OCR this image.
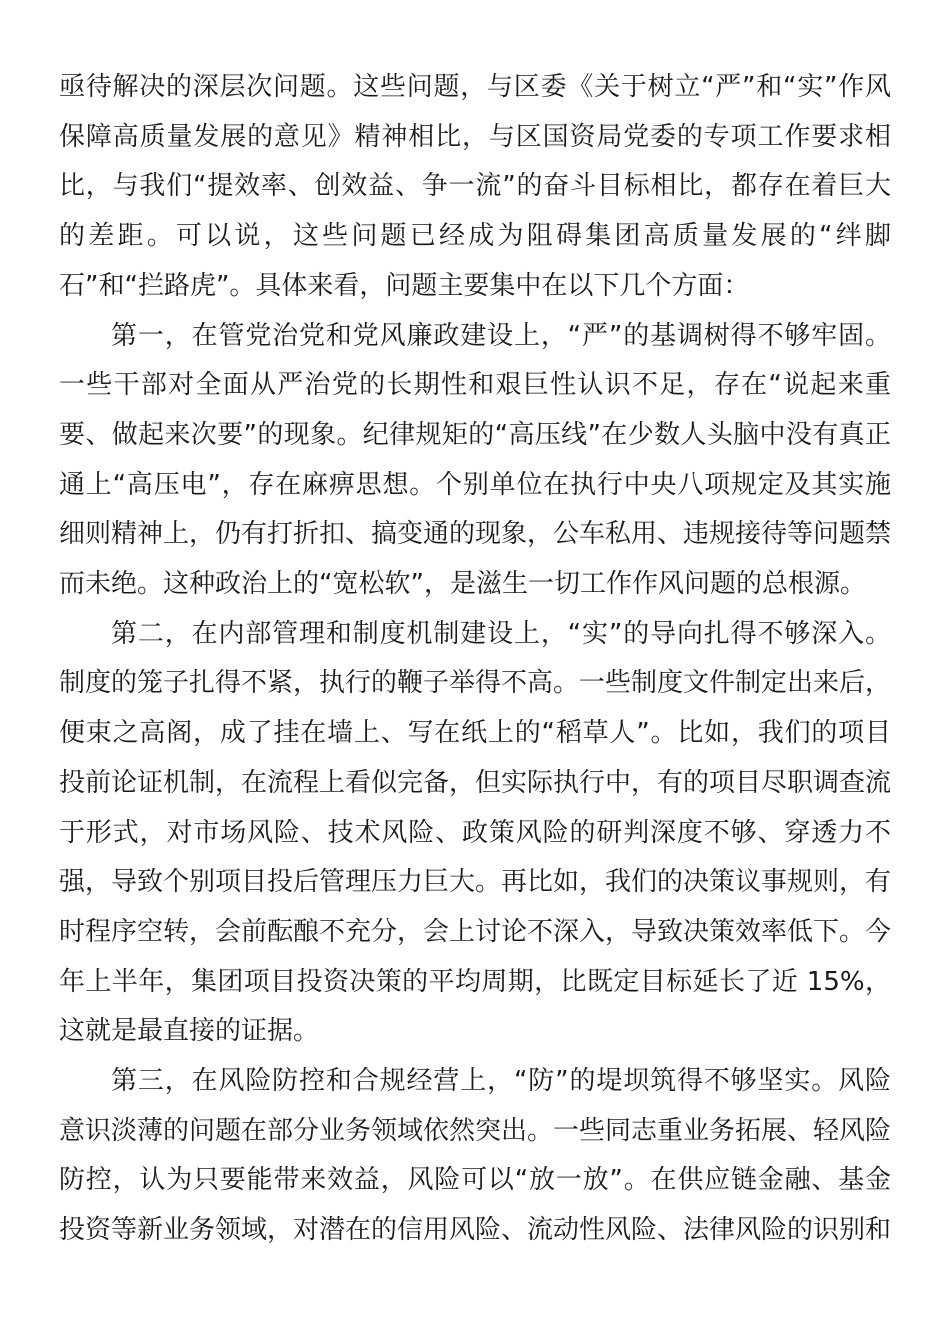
亟待解决的深层次问题。这些问题，与区委《关于树立“严”和“实”作风保障高质量发展的意见》精神相比，与区国资局党委的专项工作要求相比，与我们“提效率、创效益、争一流”的奋斗目标相比，都存在着巨大的差距。可以说，这些问题已经成为阻碍集团高质量发展的“绊脚石”和“拦路虎”。具体来看，问题主要集中在以下几个方面：

第一，在管党治党和党风廉政建设上，“严”的基调树得不够牢固。一些干部对全面从严治党的长期性和艰巨性认识不足，存在“说起来重要、做起来次要”的现象。纪律规矩的“高压线”在少数人头脑中没有真正通上“高压电”，存在麻痹思想。个别单位在执行中央八项规定及其实施细则精神上，仍有打折扣、搞变通的现象，公车私用、违规接待等问题禁而未绝。这种政治上的“宽松软”，是滋生一切工作作风问题的总根源。

第二，在内部管理和制度机制建设上，“实”的导向扎得不够深入。制度的笼子扎得不紧，执行的鞭子举得不高。一些制度文件制定出来后，便束之高阁，成了挂在墙上、写在纸上的“稻草人”。比如，我们的项目投前论证机制，在流程上看似完备，但实际执行中，有的项目尽职调查流于形式，对市场风险、技术风险、政策风险的研判深度不够、穿透力不强，导致个别项目投后管理压力巨大。再比如，我们的决策议事规则，有时程序空转，会前酝酿不充分，会上讨论不深入，导致决策效率低下。今年上半年，集团项目投资决策的平均周期，比既定目标延长了近 15%，这就是最直接的证据。

第三，在风险防控和合规经营上，“防”的堤坝筑得不够坚实。风险意识淡薄的问题在部分业务领域依然突出。一些同志重业务拓展、轻风险防控，认为只要能带来效益，风险可以“放一放”。在供应链金融、基金投资等新业务领域，对潜在的信用风险、流动性风险、法律风险的识别和
